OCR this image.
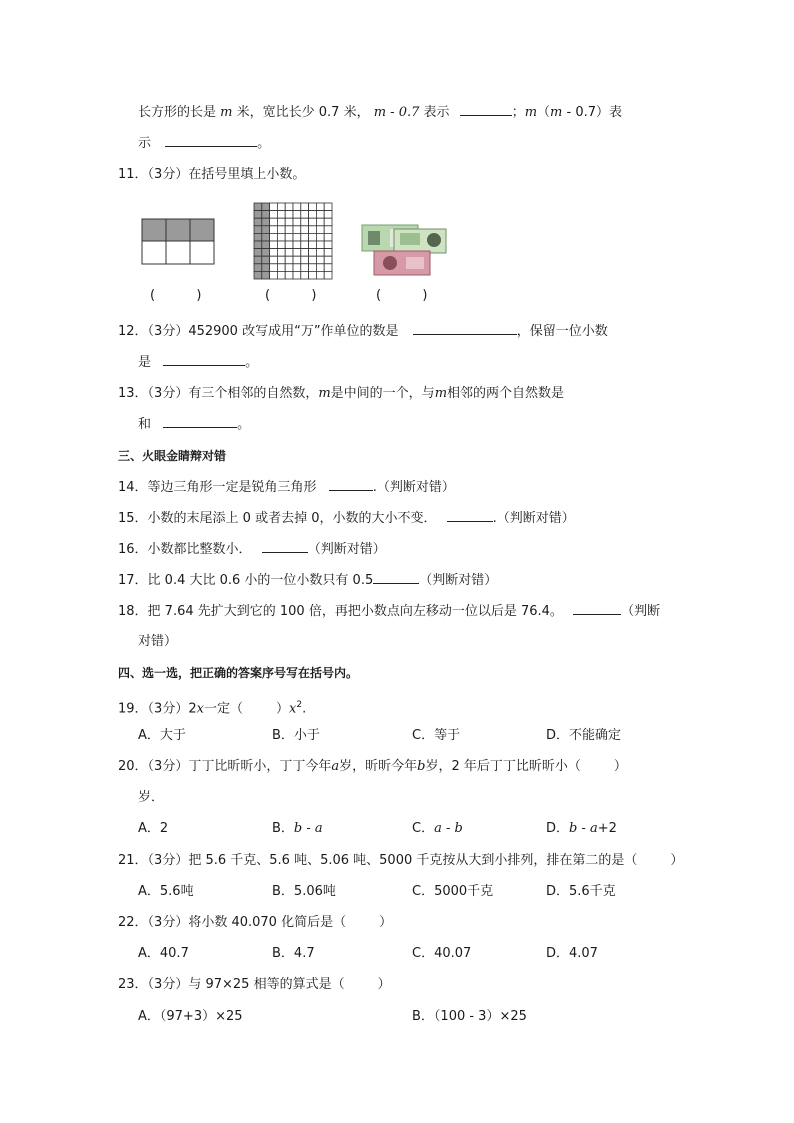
长方形的长是 m 米，宽比长少 0.7 米， m - 0.7 表示	；m（m - 0.7）表
示	。
11．（3分）在括号里填上小数。
(          )	(          )	(          )
12．（3分）452900 改写成用“万”作单位的数是	，保留一位小数
是	。
13．（3分）有三个相邻的自然数，m是中间的一个，与m相邻的两个自然数是
和	。
三、火眼金睛辩对错
14．等边三角形一定是锐角三角形	.（判断对错）
15．小数的末尾添上 0 或者去掉 0，小数的大小不变．	.（判断对错）
16．小数都比整数小．	（判断对错）
17．比 0.4 大比 0.6 小的一位小数只有 0.5	（判断对错）
18．把 7.64 先扩大到它的 100 倍，再把小数点向左移动一位以后是 76.4。	（判断
对错）
四、选一选，把正确的答案序号写在括号内。
19．（3分）2x一定（        ）$x^2$.
A．大于	B．小于	C．等于	D．不能确定
20．（3分）丁丁比昕昕小，丁丁今年a岁，昕昕今年b岁，2 年后丁丁比昕昕小（        ）
岁．
A．2	B．b - a	C．a - b	D．b - a+2
21．（3分）把 5.6 千克、5.6 吨、5.06 吨、5000 千克按从大到小排列，排在第二的是（        ）
A．5.6吨	B．5.06吨	C．5000千克	D．5.6千克
22．（3分）将小数 40.070 化简后是（        ）
A．40.7	B．4.7	C．40.07	D．4.07
23．（3分）与 97×25 相等的算式是（        ）
A．（97+3）×25	B．（100 - 3）×25
